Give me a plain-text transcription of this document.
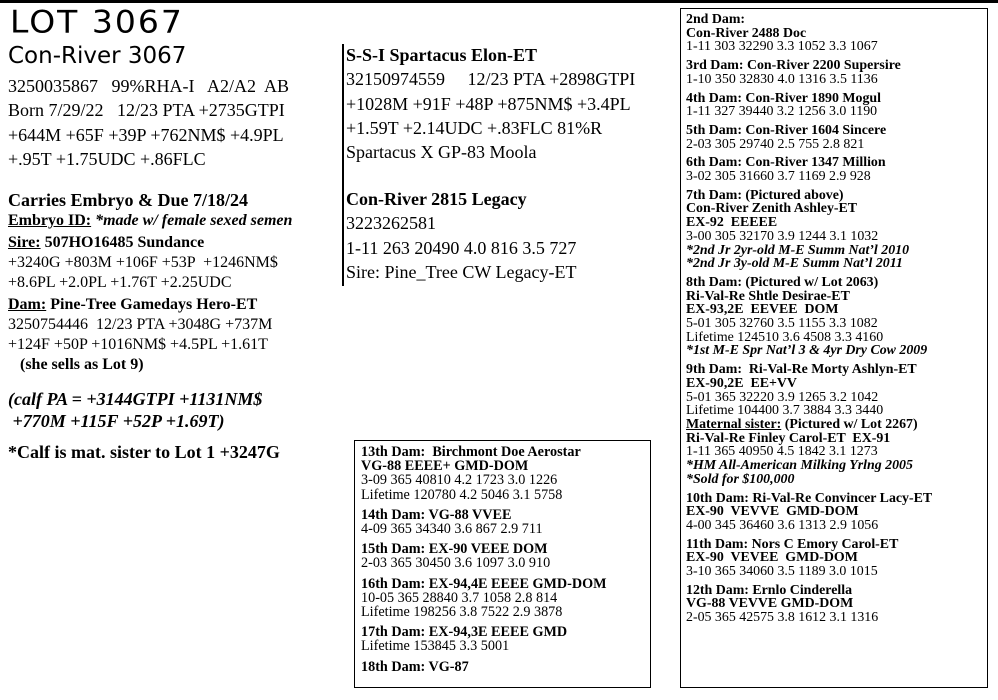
LOT 3067
Con-River 3067
3250035867   99%RHA-I   A2/A2  AB
Born 7/29/22   12/23 PTA +2735GTPI
+644M +65F +39P +762NM$ +4.9PL
+.95T +1.75UDC +.86FLC
Carries Embryo & Due 7/18/24
Embryo ID: *made w/ female sexed semen
Sire: 507HO16485 Sundance
+3240G +803M +106F +53P  +1246NM$
+8.6PL +2.0PL +1.76T +2.25UDC
Dam: Pine-Tree Gamedays Hero-ET
3250754446  12/23 PTA +3048G +737M
+124F +50P +1016NM$ +4.5PL +1.61T
(she sells as Lot 9)
(calf PA = +3144GTPI +1131NM$
+770M +115F +52P +1.69T)
*Calf is mat. sister to Lot 1 +3247G
S-S-I Spartacus Elon-ET
32150974559     12/23 PTA +2898GTPI
+1028M +91F +48P +875NM$ +3.4PL
+1.59T +2.14UDC +.83FLC 81%R
Spartacus X GP-83 Moola
Con-River 2815 Legacy
3223262581
1-11 263 20490 4.0 816 3.5 727
Sire: Pine_Tree CW Legacy-ET
2nd Dam:
Con-River 2488 Doc
1-11 303 32290 3.3 1052 3.3 1067
3rd Dam: Con-River 2200 Supersire
1-10 350 32830 4.0 1316 3.5 1136
4th Dam: Con-River 1890 Mogul
1-11 327 39440 3.2 1256 3.0 1190
5th Dam: Con-River 1604 Sincere
2-03 305 29740 2.5 755 2.8 821
6th Dam: Con-River 1347 Million
3-02 305 31660 3.7 1169 2.9 928
7th Dam: (Pictured above)
Con-River Zenith Ashley-ET
EX-92  EEEEE
3-00 305 32170 3.9 1244 3.1 1032
*2nd Jr 2yr-old M-E Summ Nat’l 2010
*2nd Jr 3y-old M-E Summ Nat’l 2011
8th Dam: (Pictured w/ Lot 2063)
Ri-Val-Re Shtle Desirae-ET
EX-93,2E  EEVEE  DOM
5-01 305 32760 3.5 1155 3.3 1082
Lifetime 124510 3.6 4508 3.3 4160
*1st M-E Spr Nat’l 3 & 4yr Dry Cow 2009
9th Dam:  Ri-Val-Re Morty Ashlyn-ET
EX-90,2E  EE+VV
5-01 365 32220 3.9 1265 3.2 1042
Lifetime 104400 3.7 3884 3.3 3440
Maternal sister: (Pictured w/ Lot 2267)
Ri-Val-Re Finley Carol-ET  EX-91
1-11 365 40950 4.5 1842 3.1 1273
*HM All-American Milking Yrlng 2005
*Sold for $100,000
10th Dam: Ri-Val-Re Convincer Lacy-ET
EX-90  VEVVE  GMD-DOM
4-00 345 36460 3.6 1313 2.9 1056
11th Dam: Nors C Emory Carol-ET
EX-90  VEVEE  GMD-DOM
3-10 365 34060 3.5 1189 3.0 1015
12th Dam: Ernlo Cinderella
VG-88 VEVVE GMD-DOM
2-05 365 42575 3.8 1612 3.1 1316
13th Dam:  Birchmont Doe Aerostar
VG-88 EEEE+ GMD-DOM
3-09 365 40810 4.2 1723 3.0 1226
Lifetime 120780 4.2 5046 3.1 5758
14th Dam: VG-88 VVEE
4-09 365 34340 3.6 867 2.9 711
15th Dam: EX-90 VEEE DOM
2-03 365 30450 3.6 1097 3.0 910
16th Dam: EX-94,4E EEEE GMD-DOM
10-05 365 28840 3.7 1058 2.8 814
Lifetime 198256 3.8 7522 2.9 3878
17th Dam: EX-94,3E EEEE GMD
Lifetime 153845 3.3 5001
18th Dam: VG-87
